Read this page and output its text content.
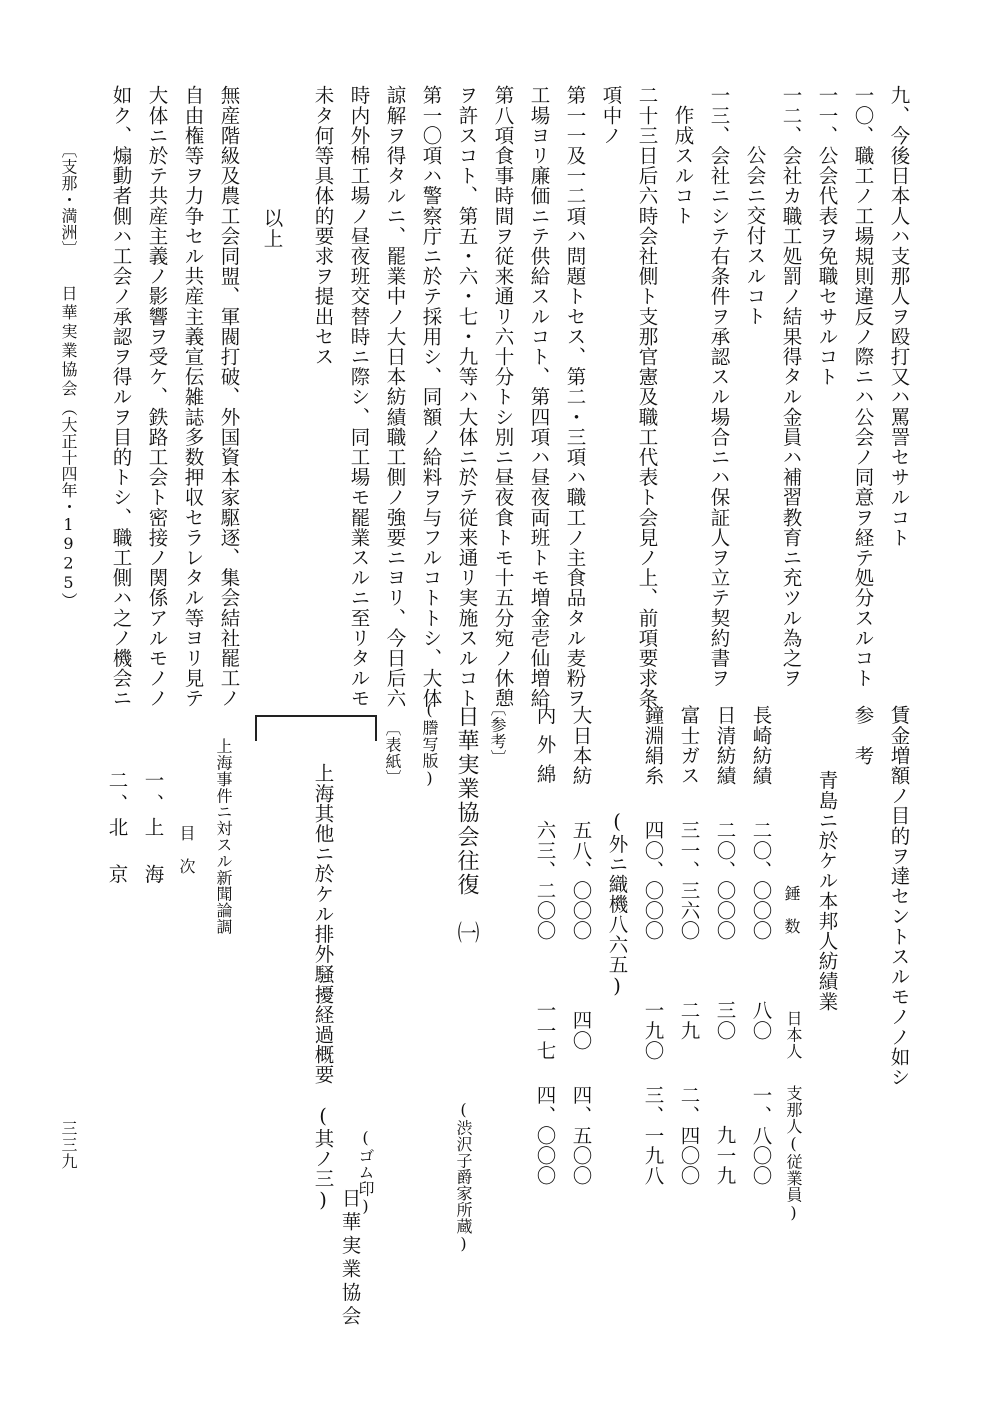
九、今後日本人ハ支那人ヲ殴打又ハ罵詈セサルコト
一〇、職工ノ工場規則違反ノ際ニハ公会ノ同意ヲ経テ処分スルコト
一一、公会代表ヲ免職セサルコト
一二、会社カ職工処罰ノ結果得タル金員ハ補習教育ニ充ツル為之ヲ
公会ニ交付スルコト
一三、会社ニシテ右条件ヲ承認スル場合ニハ保証人ヲ立テ契約書ヲ
作成スルコト
二十三日后六時会社側ト支那官憲及職工代表ト会見ノ上、前項要求条
項中ノ
第一一及一二項ハ問題トセス、第二・三項ハ職工ノ主食品タル麦粉ヲ
工場ヨリ廉価ニテ供給スルコト、第四項ハ昼夜両班トモ増金壱仙増給
第八項食事時間ヲ従来通リ六十分トシ別ニ昼夜食トモ十五分宛ノ休憩
ヲ許スコト、第五・六・七・九等ハ大体ニ於テ従来通リ実施スルコト
第一〇項ハ警察庁ニ於テ採用シ、同額ノ給料ヲ与フルコトトシ、大体
諒解ヲ得タルニ、罷業中ノ大日本紡績職工側ノ強要ニヨリ、今日后六
時内外棉工場ノ昼夜班交替時ニ際シ、同工場モ罷業スルニ至リタルモ
未タ何等具体的要求ヲ提出セス
以上
無産階級及農工会同盟、軍閥打破、外国資本家駆逐、集会結社罷工ノ
自由権等ヲ力争セル共産主義宣伝雑誌多数押収セラレタル等ヨリ見テ
大体ニ於テ共産主義ノ影響ヲ受ケ、鉄路工会ト密接ノ関係アルモノノ
如ク、煽動者側ハ工会ノ承認ヲ得ルヲ目的トシ、職工側ハ之ノ機会ニ
〔支那・満洲〕
日華実業協会
（大正十四年・1925）
賃金増額ノ目的ヲ達セントスルモノノ如シ
参　考
青島ニ於ケル本邦人紡績業
錘　数
日本人
支那人(従業員)
長崎紡績
二〇、〇〇〇
八〇
一、八〇〇
日清紡績
二〇、〇〇〇
三〇
九一九
富士ガス
三一、三六〇
二九
二、四〇〇
鐘淵絹糸
四〇、〇〇〇
一九〇
三、一九八
(外ニ織機八六五)
大日本紡
五八、〇〇〇
四〇
四、五〇〇
内外綿
六三、二〇〇
一一七
四、〇〇〇
〔参考〕
日華実業協会往復　㈠
(渋沢子爵家所蔵)
(謄写版)
〔表紙〕
上海其他ニ於ケル排外騒擾経過概要　(其ノ三) (ゴム印)
日華実業協会
上海事件ニ対スル新聞論調
目　次
一、上　海
二、北　京
三三九
